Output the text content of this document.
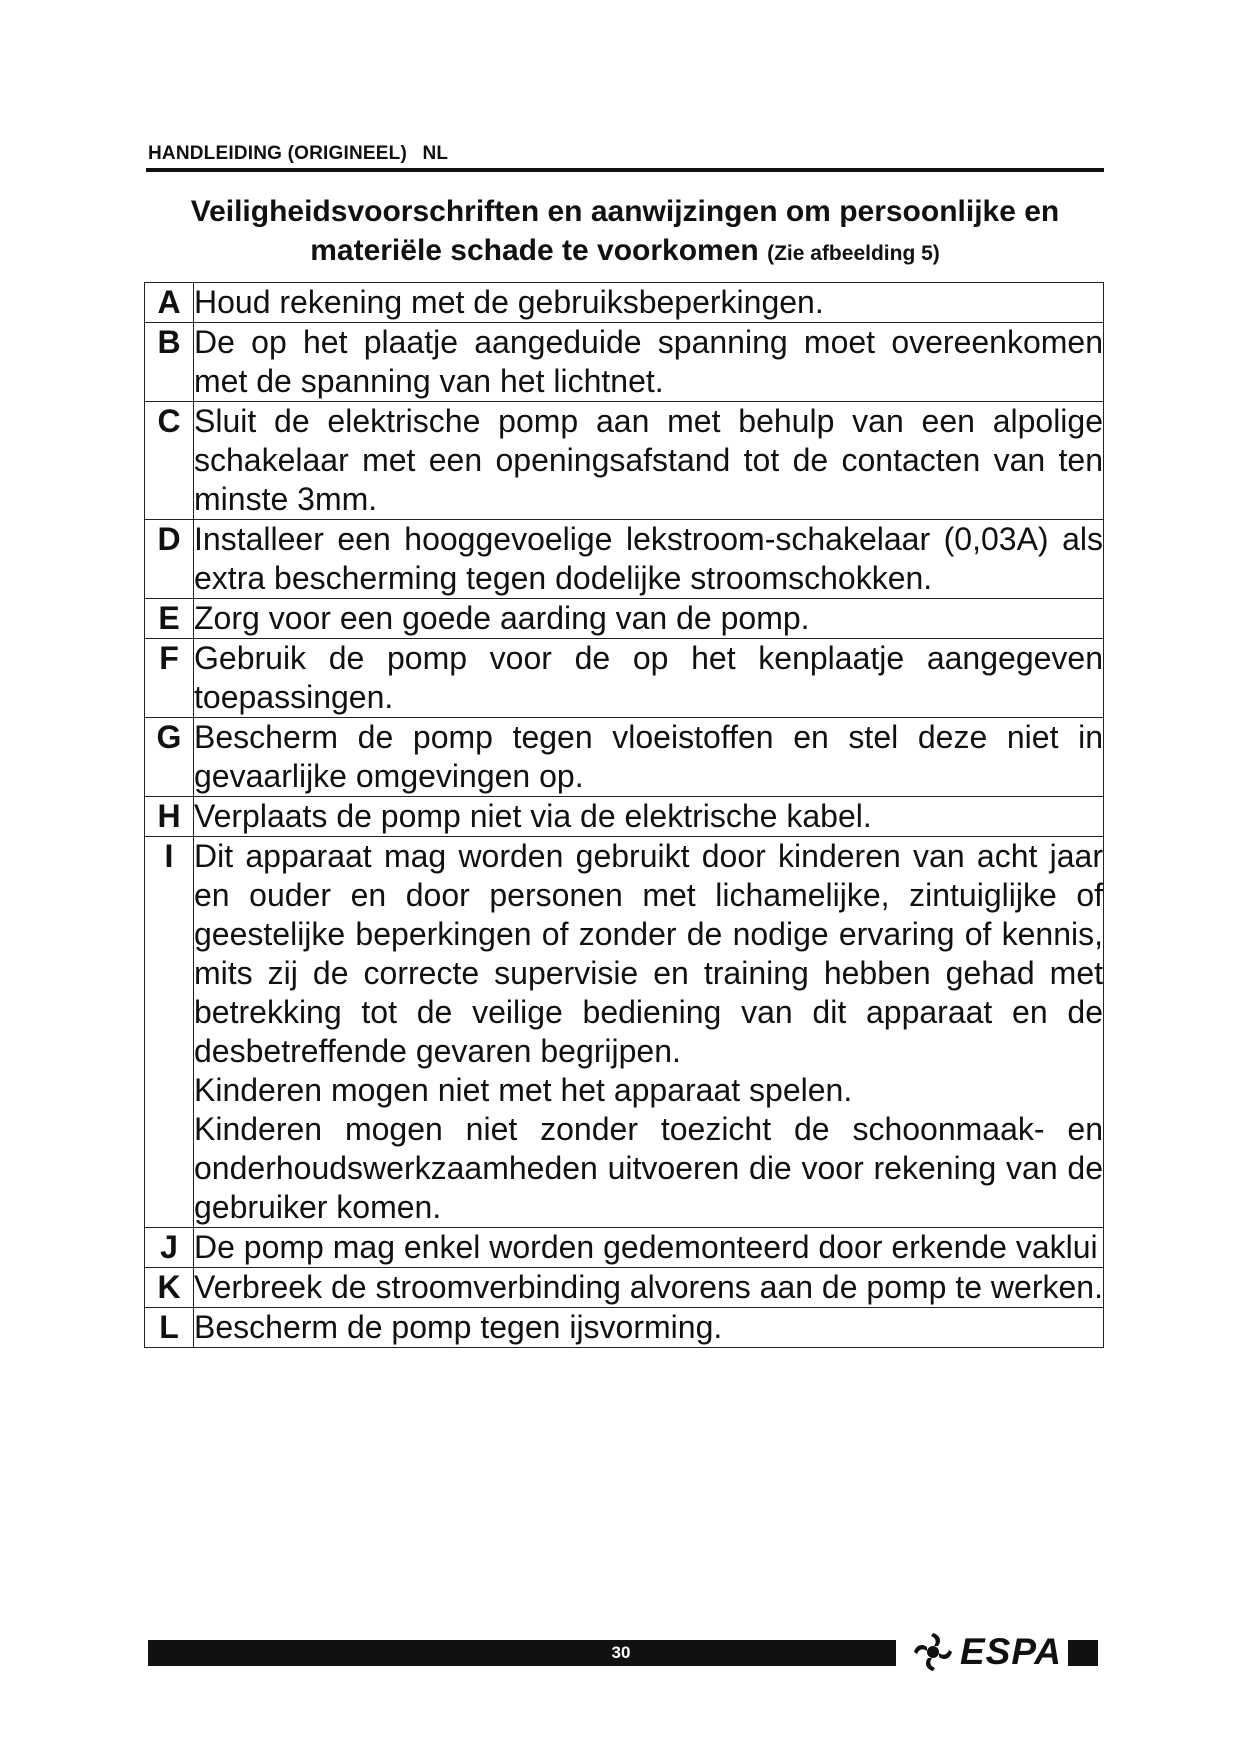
HANDLEIDING (ORIGINEEL) NL
Veiligheidsvoorschriften en aanwijzingen om persoonlijke en
materiële schade te voorkomen (Zie afbeelding 5)
A	Houd rekening met de gebruiksbeperkingen.

B	De op het plaatje aangeduide spanning moet overeenkomen met de spanning van het lichtnet.

C	Sluit de elektrische pomp aan met behulp van een alpolige schakelaar met een openingsafstand tot de contacten van ten minste 3mm.

D	Installeer een hooggevoelige lekstroom-schakelaar (0,03A) als extra bescherming tegen dodelijke stroomschokken.

E	Zorg voor een goede aarding van de pomp.

F	Gebruik de pomp voor de op het kenplaatje aangegeven toepassingen.

G	Bescherm de pomp tegen vloeistoffen en stel deze niet in gevaarlijke omgevingen op.

H	Verplaats de pomp niet via de elektrische kabel.

I	Dit apparaat mag worden gebruikt door kinderen van acht jaar en ouder en door personen met lichamelijke, zintuiglijke of geestelijke beperkingen of zonder de nodige ervaring of kennis, mits zij de correcte supervisie en training hebben gehad met betrekking tot de veilige bediening van dit apparaat en de desbetreffende gevaren begrijpen.
Kinderen mogen niet met het apparaat spelen.
Kinderen mogen niet zonder toezicht de schoonmaak- en onderhoudswerkzaamheden uitvoeren die voor rekening van de gebruiker komen.

J	De pomp mag enkel worden gedemonteerd door erkende vaklui

K	Verbreek de stroomverbinding alvorens aan de pomp te werken.

L	Bescherm de pomp tegen ijsvorming.
30	ESPA
